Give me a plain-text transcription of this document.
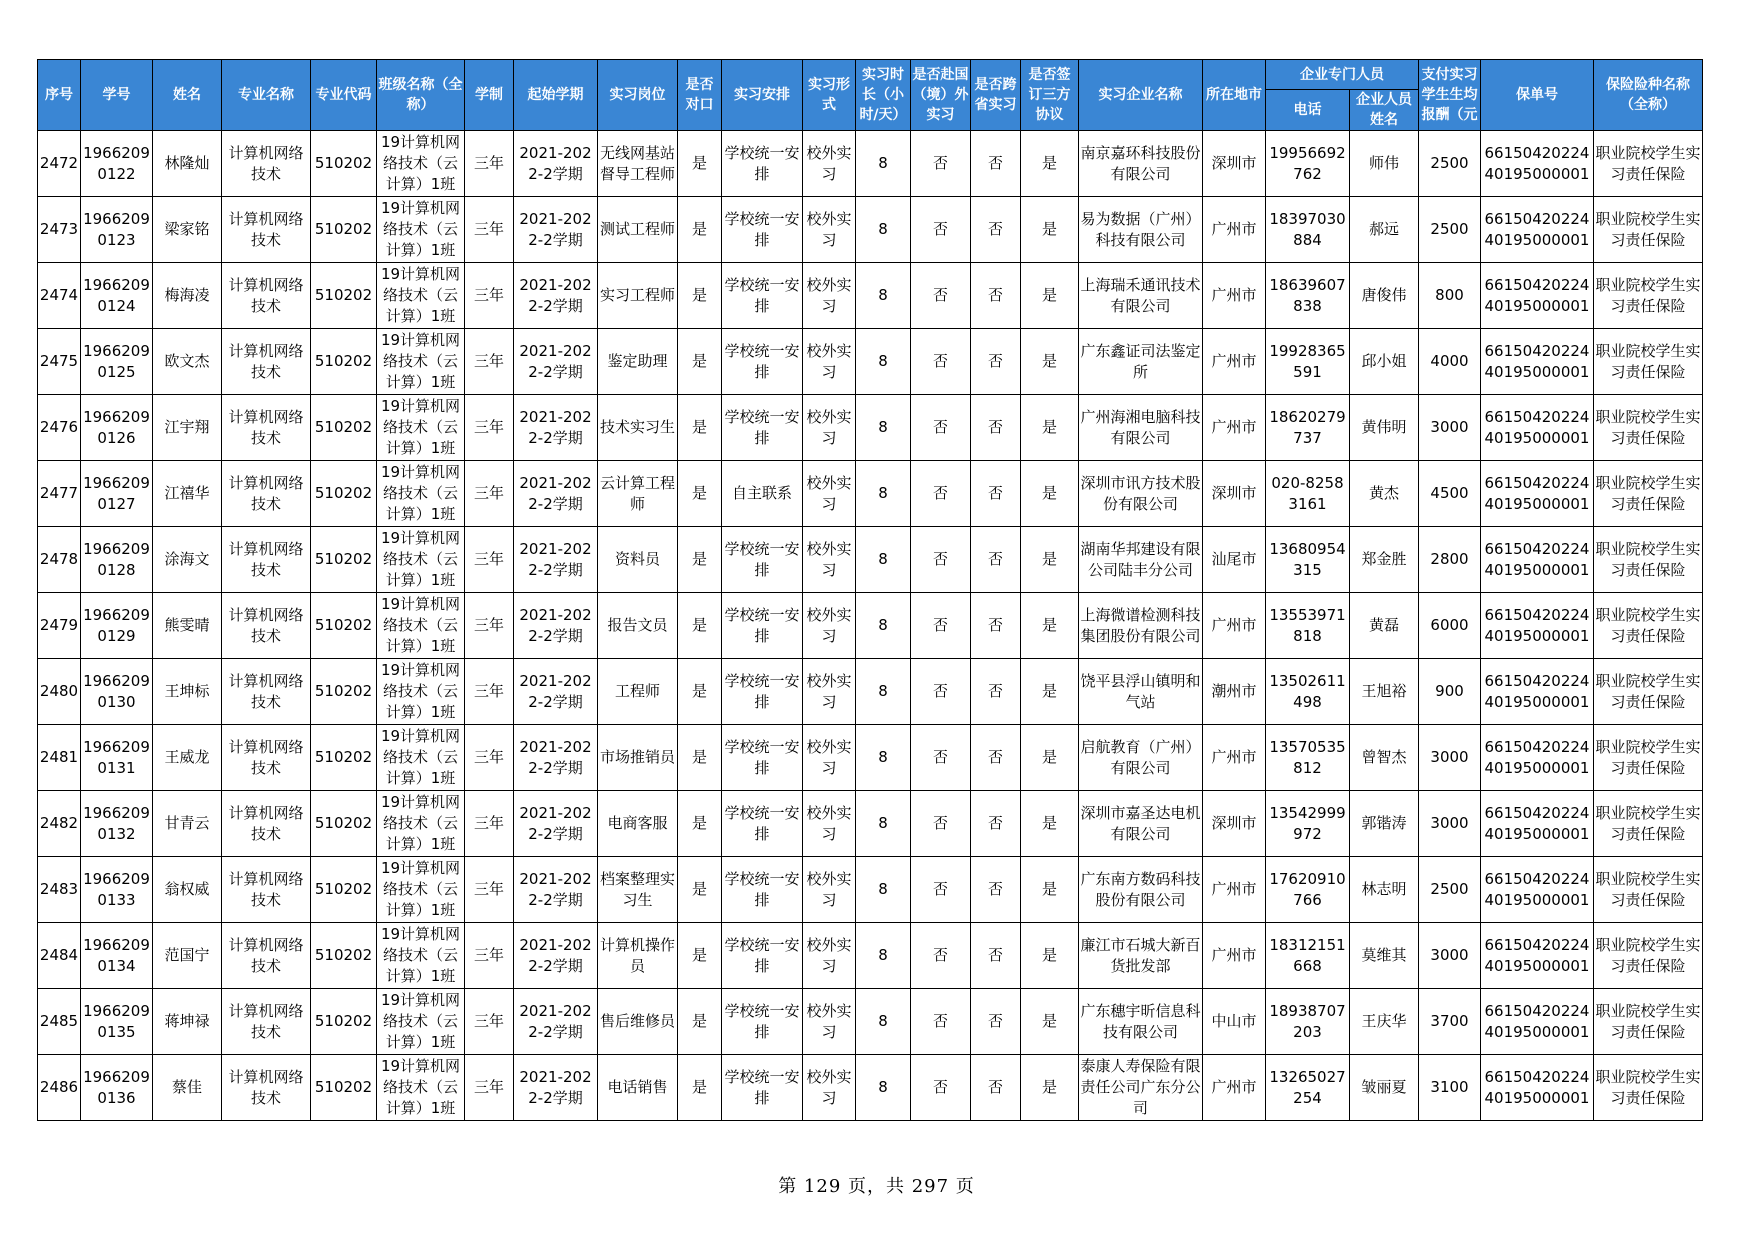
序号	学号	姓名	专业名称	专业代码	班级名称（全称）	学制	起始学期	实习岗位	是否对口	实习安排	实习形式	实习时长（小时/天）	是否赴国（境）外实习	是否跨省实习	是否签订三方协议	实习企业名称	所在地市	企业专门人员		支付实习学生生均报酬（元	保单号	保险险种名称（全称）
																		电话	企业人员姓名			

2472	19662090122	林隆灿	计算机网络技术	510202	19计算机网络技术（云计算）1班	三年	2021-2022-2学期	无线网基站督导工程师	是	学校统一安排	校外实习	8	否	否	是	南京嘉环科技股份有限公司	深圳市	19956692762	师伟	2500	6615042022440195000001	职业院校学生实习责任保险

2473	19662090123	梁家铭	计算机网络技术	510202	19计算机网络技术（云计算）1班	三年	2021-2022-2学期	测试工程师	是	学校统一安排	校外实习	8	否	否	是	易为数据（广州）科技有限公司	广州市	18397030884	郝远	2500	6615042022440195000001	职业院校学生实习责任保险

2474	19662090124	梅海凌	计算机网络技术	510202	19计算机网络技术（云计算）1班	三年	2021-2022-2学期	实习工程师	是	学校统一安排	校外实习	8	否	否	是	上海瑞禾通讯技术有限公司	广州市	18639607838	唐俊伟	800	6615042022440195000001	职业院校学生实习责任保险

2475	19662090125	欧文杰	计算机网络技术	510202	19计算机网络技术（云计算）1班	三年	2021-2022-2学期	鉴定助理	是	学校统一安排	校外实习	8	否	否	是	广东鑫证司法鉴定所	广州市	19928365591	邱小姐	4000	6615042022440195000001	职业院校学生实习责任保险

2476	19662090126	江宇翔	计算机网络技术	510202	19计算机网络技术（云计算）1班	三年	2021-2022-2学期	技术实习生	是	学校统一安排	校外实习	8	否	否	是	广州海湘电脑科技有限公司	广州市	18620279737	黄伟明	3000	6615042022440195000001	职业院校学生实习责任保险

2477	19662090127	江禧华	计算机网络技术	510202	19计算机网络技术（云计算）1班	三年	2021-2022-2学期	云计算工程师	是	自主联系	校外实习	8	否	否	是	深圳市讯方技术股份有限公司	深圳市	020-82583161	黄杰	4500	6615042022440195000001	职业院校学生实习责任保险

2478	19662090128	涂海文	计算机网络技术	510202	19计算机网络技术（云计算）1班	三年	2021-2022-2学期	资料员	是	学校统一安排	校外实习	8	否	否	是	湖南华邦建设有限公司陆丰分公司	汕尾市	13680954315	郑金胜	2800	6615042022440195000001	职业院校学生实习责任保险

2479	19662090129	熊雯晴	计算机网络技术	510202	19计算机网络技术（云计算）1班	三年	2021-2022-2学期	报告文员	是	学校统一安排	校外实习	8	否	否	是	上海微谱检测科技集团股份有限公司	广州市	13553971818	黄磊	6000	6615042022440195000001	职业院校学生实习责任保险

2480	19662090130	王坤标	计算机网络技术	510202	19计算机网络技术（云计算）1班	三年	2021-2022-2学期	工程师	是	学校统一安排	校外实习	8	否	否	是	饶平县浮山镇明和气站	潮州市	13502611498	王旭裕	900	6615042022440195000001	职业院校学生实习责任保险

2481	19662090131	王威龙	计算机网络技术	510202	19计算机网络技术（云计算）1班	三年	2021-2022-2学期	市场推销员	是	学校统一安排	校外实习	8	否	否	是	启航教育（广州）有限公司	广州市	13570535812	曾智杰	3000	6615042022440195000001	职业院校学生实习责任保险

2482	19662090132	甘青云	计算机网络技术	510202	19计算机网络技术（云计算）1班	三年	2021-2022-2学期	电商客服	是	学校统一安排	校外实习	8	否	否	是	深圳市嘉圣达电机有限公司	深圳市	13542999972	郭锴涛	3000	6615042022440195000001	职业院校学生实习责任保险

2483	19662090133	翁权威	计算机网络技术	510202	19计算机网络技术（云计算）1班	三年	2021-2022-2学期	档案整理实习生	是	学校统一安排	校外实习	8	否	否	是	广东南方数码科技股份有限公司	广州市	17620910766	林志明	2500	6615042022440195000001	职业院校学生实习责任保险

2484	19662090134	范国宁	计算机网络技术	510202	19计算机网络技术（云计算）1班	三年	2021-2022-2学期	计算机操作员	是	学校统一安排	校外实习	8	否	否	是	廉江市石城大新百货批发部	广州市	18312151668	莫维其	3000	6615042022440195000001	职业院校学生实习责任保险

2485	19662090135	蒋坤禄	计算机网络技术	510202	19计算机网络技术（云计算）1班	三年	2021-2022-2学期	售后维修员	是	学校统一安排	校外实习	8	否	否	是	广东穗宇昕信息科技有限公司	中山市	18938707203	王庆华	3700	6615042022440195000001	职业院校学生实习责任保险

2486	19662090136	蔡佳	计算机网络技术	510202	19计算机网络技术（云计算）1班	三年	2021-2022-2学期	电话销售	是	学校统一安排	校外实习	8	否	否	是	泰康人寿保险有限责任公司广东分公司	广州市	13265027254	皱丽夏	3100	6615042022440195000001	职业院校学生实习责任保险
第 129 页，共 297 页
